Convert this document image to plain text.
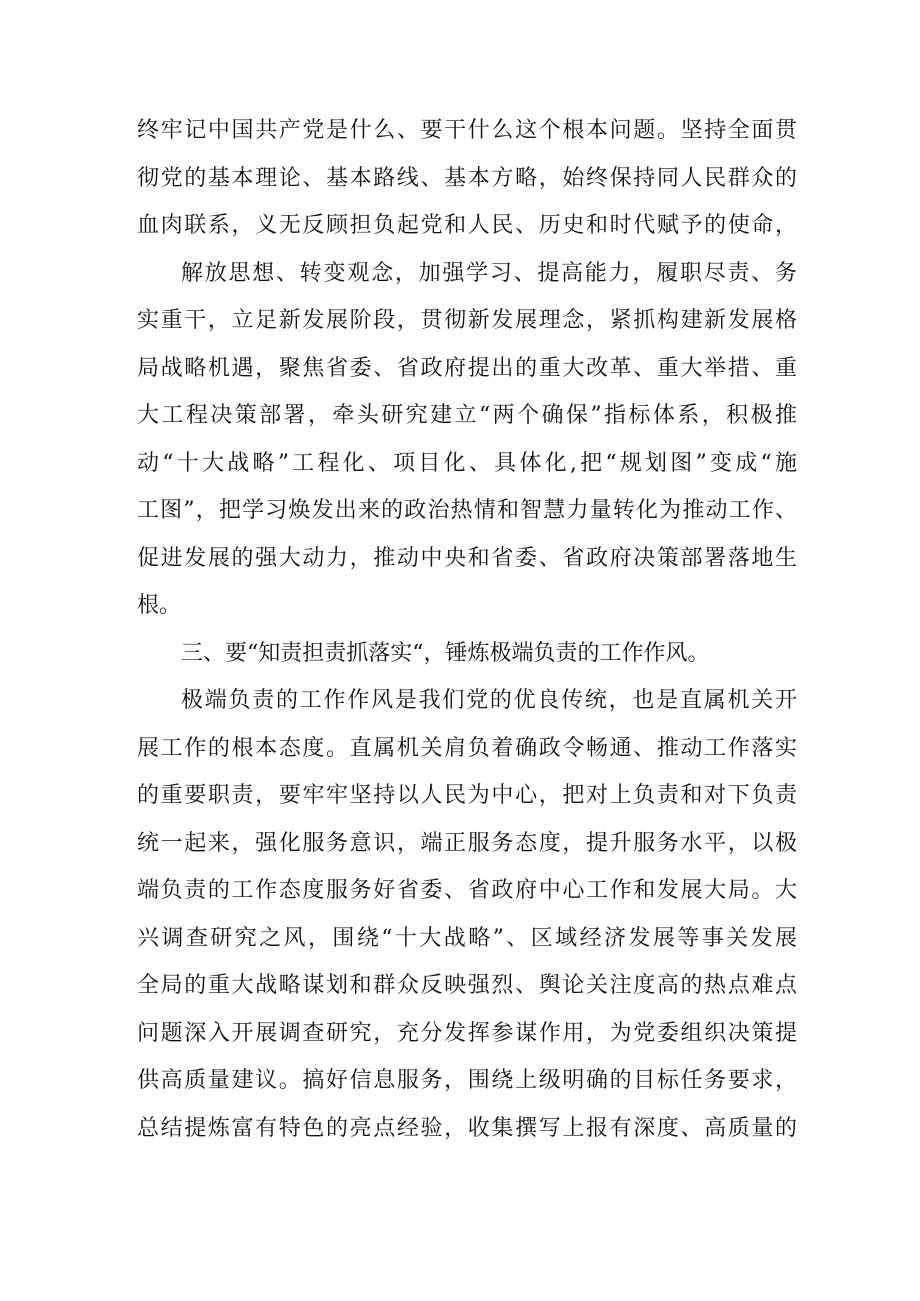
终牢记中国共产党是什么、要干什么这个根本问题。坚持全面贯
彻党的基本理论、基本路线、基本方略，始终保持同人民群众的
血肉联系，义无反顾担负起党和人民、历史和时代赋予的使命，
解放思想、转变观念，加强学习、提高能力，履职尽责、务
实重干，立足新发展阶段，贯彻新发展理念，紧抓构建新发展格
局战略机遇，聚焦省委、省政府提出的重大改革、重大举措、重
大工程决策部署，牵头研究建立“两个确保”指标体系，积极推
动“十大战略”工程化、项目化、具体化,把“规划图”变成“施
工图”，把学习焕发出来的政治热情和智慧力量转化为推动工作、
促进发展的强大动力，推动中央和省委、省政府决策部署落地生
根。
三、要“知责担责抓落实“，锤炼极端负责的工作作风。
极端负责的工作作风是我们党的优良传统，也是直属机关开
展工作的根本态度。直属机关肩负着确政令畅通、推动工作落实
的重要职责，要牢牢坚持以人民为中心，把对上负责和对下负责
统一起来，强化服务意识，端正服务态度，提升服务水平，以极
端负责的工作态度服务好省委、省政府中心工作和发展大局。大
兴调查研究之风，围绕“十大战略”、区域经济发展等事关发展
全局的重大战略谋划和群众反映强烈、舆论关注度高的热点难点
问题深入开展调查研究，充分发挥参谋作用，为党委组织决策提
供高质量建议。搞好信息服务，围绕上级明确的目标任务要求，
总结提炼富有特色的亮点经验，收集撰写上报有深度、高质量的
